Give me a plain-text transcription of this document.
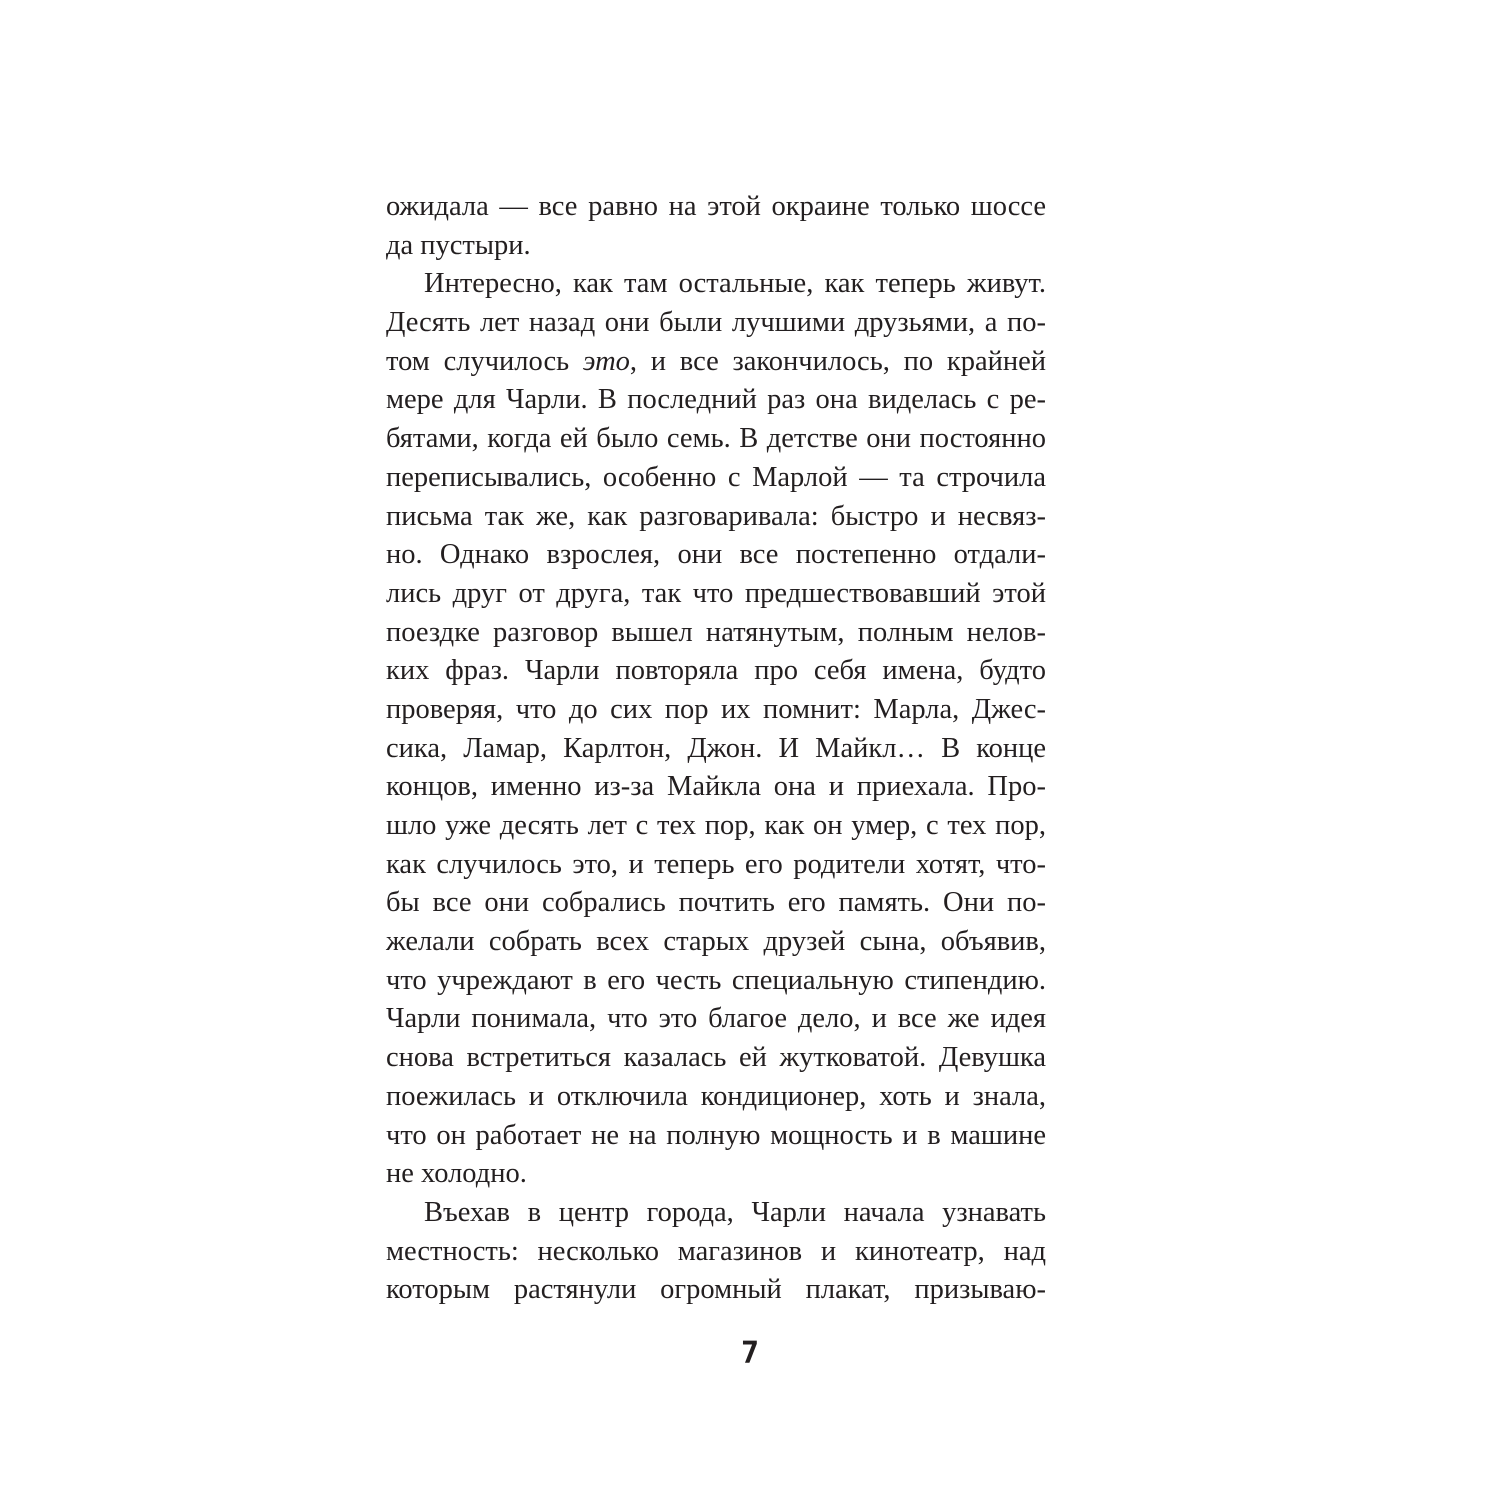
ожидала — все равно на этой окраине только шоссе
да пустыри.
Интересно, как там остальные, как теперь живут.
Десять лет назад они были лучшими друзьями, а по-
том случилось это, и все закончилось, по крайней
мере для Чарли. В последний раз она виделась с ре-
бятами, когда ей было семь. В детстве они постоянно
переписывались, особенно с Марлой — та строчила
письма так же, как разговаривала: быстро и несвяз-
но. Однако взрослея, они все постепенно отдали-
лись друг от друга, так что предшествовавший этой
поездке разговор вышел натянутым, полным нелов-
ких фраз. Чарли повторяла про себя имена, будто
проверяя, что до сих пор их помнит: Марла, Джес-
сика, Ламар, Карлтон, Джон. И Майкл… В конце
концов, именно из-за Майкла она и приехала. Про-
шло уже десять лет с тех пор, как он умер, с тех пор,
как случилось это, и теперь его родители хотят, что-
бы все они собрались почтить его память. Они по-
желали собрать всех старых друзей сына, объявив,
что учреждают в его честь специальную стипендию.
Чарли понимала, что это благое дело, и все же идея
снова встретиться казалась ей жутковатой. Девушка
поежилась и отключила кондиционер, хоть и знала,
что он работает не на полную мощность и в машине
не холодно.
Въехав в центр города, Чарли начала узнавать
местность: несколько магазинов и кинотеатр, над
которым растянули огромный плакат, призываю-
7
